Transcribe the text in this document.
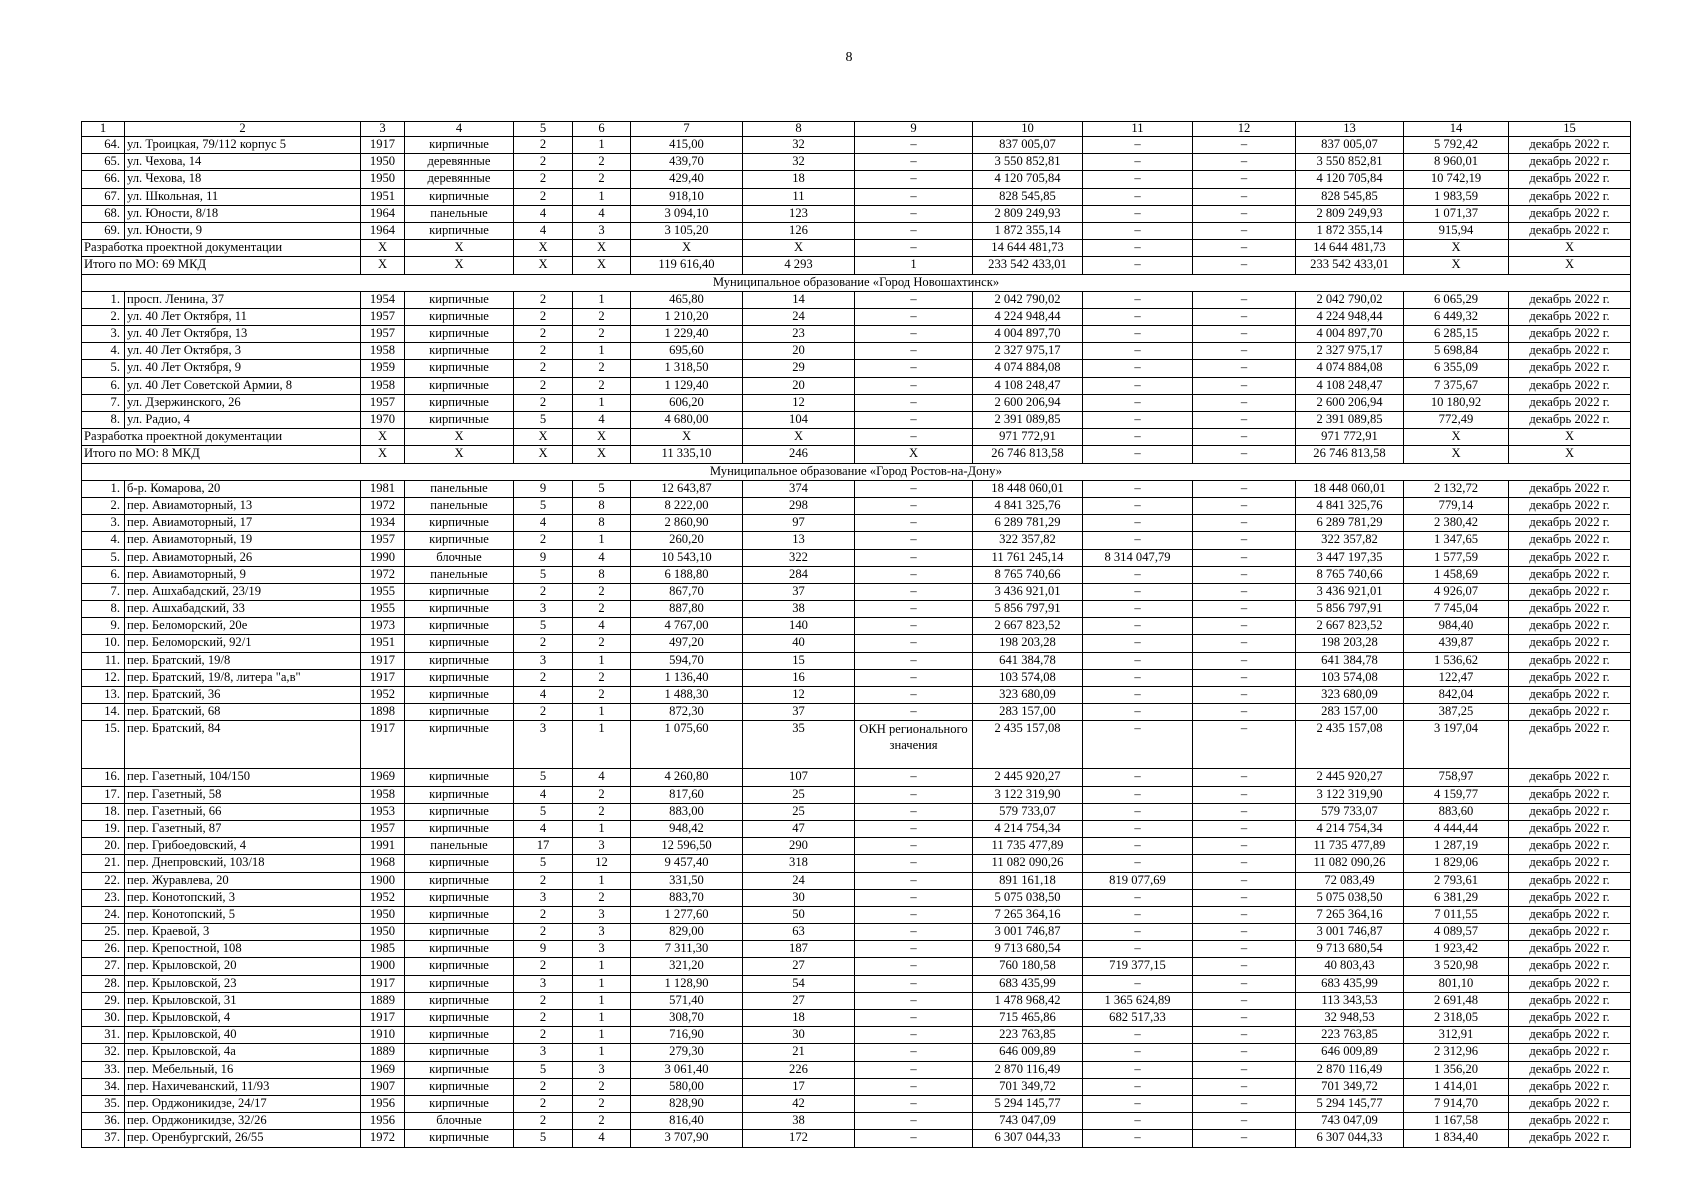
8
1	2	3	4	5	6	7	8	9	10	11	12	13	14	15
64.	ул. Троицкая, 79/112 корпус 5	1917	кирпичные	2	1	415,00	32	–	837 005,07	–	–	837 005,07	5 792,42	декабрь 2022 г.
65.	ул. Чехова, 14	1950	деревянные	2	2	439,70	32	–	3 550 852,81	–	–	3 550 852,81	8 960,01	декабрь 2022 г.
66.	ул. Чехова, 18	1950	деревянные	2	2	429,40	18	–	4 120 705,84	–	–	4 120 705,84	10 742,19	декабрь 2022 г.
67.	ул. Школьная, 11	1951	кирпичные	2	1	918,10	11	–	828 545,85	–	–	828 545,85	1 983,59	декабрь 2022 г.
68.	ул. Юности, 8/18	1964	панельные	4	4	3 094,10	123	–	2 809 249,93	–	–	2 809 249,93	1 071,37	декабрь 2022 г.
69.	ул. Юности, 9	1964	кирпичные	4	3	3 105,20	126	–	1 872 355,14	–	–	1 872 355,14	915,94	декабрь 2022 г.
Разработка проектной документации		X	X	X	X	X	X	–	14 644 481,73	–	–	14 644 481,73	X	X
Итого по МО: 69 МКД		X	X	X	X	119 616,40	4 293	1	233 542 433,01	–	–	233 542 433,01	X	X
Муниципальное образование «Город Новошахтинск»														
1.	просп. Ленина, 37	1954	кирпичные	2	1	465,80	14	–	2 042 790,02	–	–	2 042 790,02	6 065,29	декабрь 2022 г.
2.	ул. 40 Лет Октября, 11	1957	кирпичные	2	2	1 210,20	24	–	4 224 948,44	–	–	4 224 948,44	6 449,32	декабрь 2022 г.
3.	ул. 40 Лет Октября, 13	1957	кирпичные	2	2	1 229,40	23	–	4 004 897,70	–	–	4 004 897,70	6 285,15	декабрь 2022 г.
4.	ул. 40 Лет Октября, 3	1958	кирпичные	2	1	695,60	20	–	2 327 975,17	–	–	2 327 975,17	5 698,84	декабрь 2022 г.
5.	ул. 40 Лет Октября, 9	1959	кирпичные	2	2	1 318,50	29	–	4 074 884,08	–	–	4 074 884,08	6 355,09	декабрь 2022 г.
6.	ул. 40 Лет Советской Армии, 8	1958	кирпичные	2	2	1 129,40	20	–	4 108 248,47	–	–	4 108 248,47	7 375,67	декабрь 2022 г.
7.	ул. Дзержинского, 26	1957	кирпичные	2	1	606,20	12	–	2 600 206,94	–	–	2 600 206,94	10 180,92	декабрь 2022 г.
8.	ул. Радио, 4	1970	кирпичные	5	4	4 680,00	104	–	2 391 089,85	–	–	2 391 089,85	772,49	декабрь 2022 г.
Разработка проектной документации		X	X	X	X	X	X	–	971 772,91	–	–	971 772,91	X	X
Итого по МО: 8 МКД		X	X	X	X	11 335,10	246	X	26 746 813,58	–	–	26 746 813,58	X	X
Муниципальное образование «Город Ростов-на-Дону»														
1.	б-р. Комарова, 20	1981	панельные	9	5	12 643,87	374	–	18 448 060,01	–	–	18 448 060,01	2 132,72	декабрь 2022 г.
2.	пер. Авиамоторный, 13	1972	панельные	5	8	8 222,00	298	–	4 841 325,76	–	–	4 841 325,76	779,14	декабрь 2022 г.
3.	пер. Авиамоторный, 17	1934	кирпичные	4	8	2 860,90	97	–	6 289 781,29	–	–	6 289 781,29	2 380,42	декабрь 2022 г.
4.	пер. Авиамоторный, 19	1957	кирпичные	2	1	260,20	13	–	322 357,82	–	–	322 357,82	1 347,65	декабрь 2022 г.
5.	пер. Авиамоторный, 26	1990	блочные	9	4	10 543,10	322	–	11 761 245,14	8 314 047,79	–	3 447 197,35	1 577,59	декабрь 2022 г.
6.	пер. Авиамоторный, 9	1972	панельные	5	8	6 188,80	284	–	8 765 740,66	–	–	8 765 740,66	1 458,69	декабрь 2022 г.
7.	пер. Ашхабадский, 23/19	1955	кирпичные	2	2	867,70	37	–	3 436 921,01	–	–	3 436 921,01	4 926,07	декабрь 2022 г.
8.	пер. Ашхабадский, 33	1955	кирпичные	3	2	887,80	38	–	5 856 797,91	–	–	5 856 797,91	7 745,04	декабрь 2022 г.
9.	пер. Беломорский, 20е	1973	кирпичные	5	4	4 767,00	140	–	2 667 823,52	–	–	2 667 823,52	984,40	декабрь 2022 г.
10.	пер. Беломорский, 92/1	1951	кирпичные	2	2	497,20	40	–	198 203,28	–	–	198 203,28	439,87	декабрь 2022 г.
11.	пер. Братский, 19/8	1917	кирпичные	3	1	594,70	15	–	641 384,78	–	–	641 384,78	1 536,62	декабрь 2022 г.
12.	пер. Братский, 19/8, литера "а,в"	1917	кирпичные	2	2	1 136,40	16	–	103 574,08	–	–	103 574,08	122,47	декабрь 2022 г.
13.	пер. Братский, 36	1952	кирпичные	4	2	1 488,30	12	–	323 680,09	–	–	323 680,09	842,04	декабрь 2022 г.
14.	пер. Братский, 68	1898	кирпичные	2	1	872,30	37	–	283 157,00	–	–	283 157,00	387,25	декабрь 2022 г.
15.	пер. Братский, 84	1917	кирпичные	3	1	1 075,60	35	ОКН регионального значения	2 435 157,08	–	–	2 435 157,08	3 197,04	декабрь 2022 г.
16.	пер. Газетный, 104/150	1969	кирпичные	5	4	4 260,80	107	–	2 445 920,27	–	–	2 445 920,27	758,97	декабрь 2022 г.
17.	пер. Газетный, 58	1958	кирпичные	4	2	817,60	25	–	3 122 319,90	–	–	3 122 319,90	4 159,77	декабрь 2022 г.
18.	пер. Газетный, 66	1953	кирпичные	5	2	883,00	25	–	579 733,07	–	–	579 733,07	883,60	декабрь 2022 г.
19.	пер. Газетный, 87	1957	кирпичные	4	1	948,42	47	–	4 214 754,34	–	–	4 214 754,34	4 444,44	декабрь 2022 г.
20.	пер. Грибоедовский, 4	1991	панельные	17	3	12 596,50	290	–	11 735 477,89	–	–	11 735 477,89	1 287,19	декабрь 2022 г.
21.	пер. Днепровский, 103/18	1968	кирпичные	5	12	9 457,40	318	–	11 082 090,26	–	–	11 082 090,26	1 829,06	декабрь 2022 г.
22.	пер. Журавлева, 20	1900	кирпичные	2	1	331,50	24	–	891 161,18	819 077,69	–	72 083,49	2 793,61	декабрь 2022 г.
23.	пер. Конотопский, 3	1952	кирпичные	3	2	883,70	30	–	5 075 038,50	–	–	5 075 038,50	6 381,29	декабрь 2022 г.
24.	пер. Конотопский, 5	1950	кирпичные	2	3	1 277,60	50	–	7 265 364,16	–	–	7 265 364,16	7 011,55	декабрь 2022 г.
25.	пер. Краевой, 3	1950	кирпичные	2	3	829,00	63	–	3 001 746,87	–	–	3 001 746,87	4 089,57	декабрь 2022 г.
26.	пер. Крепостной, 108	1985	кирпичные	9	3	7 311,30	187	–	9 713 680,54	–	–	9 713 680,54	1 923,42	декабрь 2022 г.
27.	пер. Крыловской, 20	1900	кирпичные	2	1	321,20	27	–	760 180,58	719 377,15	–	40 803,43	3 520,98	декабрь 2022 г.
28.	пер. Крыловской, 23	1917	кирпичные	3	1	1 128,90	54	–	683 435,99	–	–	683 435,99	801,10	декабрь 2022 г.
29.	пер. Крыловской, 31	1889	кирпичные	2	1	571,40	27	–	1 478 968,42	1 365 624,89	–	113 343,53	2 691,48	декабрь 2022 г.
30.	пер. Крыловской, 4	1917	кирпичные	2	1	308,70	18	–	715 465,86	682 517,33	–	32 948,53	2 318,05	декабрь 2022 г.
31.	пер. Крыловской, 40	1910	кирпичные	2	1	716,90	30	–	223 763,85	–	–	223 763,85	312,91	декабрь 2022 г.
32.	пер. Крыловской, 4а	1889	кирпичные	3	1	279,30	21	–	646 009,89	–	–	646 009,89	2 312,96	декабрь 2022 г.
33.	пер. Мебельный, 16	1969	кирпичные	5	3	3 061,40	226	–	2 870 116,49	–	–	2 870 116,49	1 356,20	декабрь 2022 г.
34.	пер. Нахичеванский, 11/93	1907	кирпичные	2	2	580,00	17	–	701 349,72	–	–	701 349,72	1 414,01	декабрь 2022 г.
35.	пер. Орджоникидзе, 24/17	1956	кирпичные	2	2	828,90	42	–	5 294 145,77	–	–	5 294 145,77	7 914,70	декабрь 2022 г.
36.	пер. Орджоникидзе, 32/26	1956	блочные	2	2	816,40	38	–	743 047,09	–	–	743 047,09	1 167,58	декабрь 2022 г.
37.	пер. Оренбургский, 26/55	1972	кирпичные	5	4	3 707,90	172	–	6 307 044,33	–	–	6 307 044,33	1 834,40	декабрь 2022 г.
